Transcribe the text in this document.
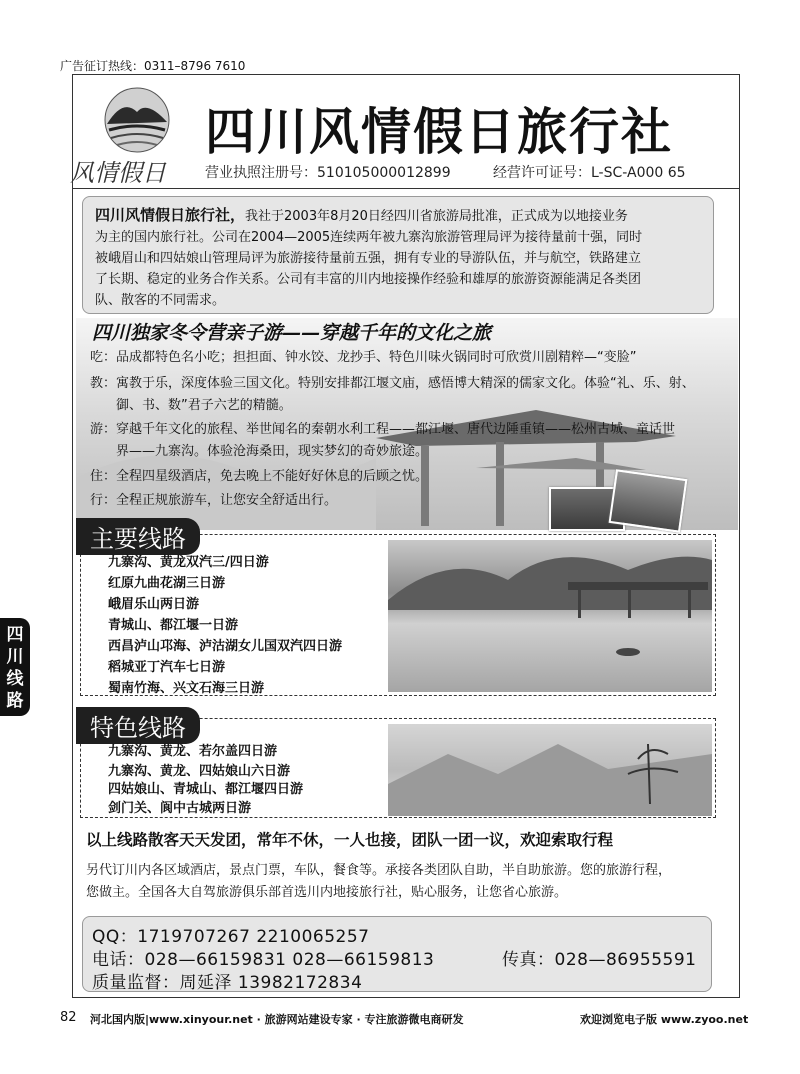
广告征订热线：0311–8796 7610
风情假日
四川风情假日旅行社
营业执照注册号：510105000012899	经营许可证号：L-SC-A000 65
四川风情假日旅行社，我社于2003年8月20日经四川省旅游局批准，正式成为以地接业务
为主的国内旅行社。公司在2004—2005连续两年被九寨沟旅游管理局评为接待量前十强，同时
被峨眉山和四姑娘山管理局评为旅游接待量前五强，拥有专业的导游队伍，并与航空，铁路建立
了长期、稳定的业务合作关系。公司有丰富的川内地接操作经验和雄厚的旅游资源能满足各类团
队、散客的不同需求。
四川独家冬令营亲子游——穿越千年的文化之旅
吃：品成都特色名小吃；担担面、钟水饺、龙抄手、特色川味火锅同时可欣赏川剧精粹—“变脸”
教：寓教于乐，深度体验三国文化。特别安排都江堰文庙，感悟博大精深的儒家文化。体验“礼、乐、射、
御、书、数”君子六艺的精髓。
游：穿越千年文化的旅程、举世闻名的秦朝水利工程——都江堰、唐代边陲重镇——松州古城、童话世
界——九寨沟。体验沧海桑田，现实梦幻的奇妙旅途。
住：全程四星级酒店，免去晚上不能好好休息的后顾之忧。
行：全程正规旅游车，让您安全舒适出行。
主要线路
九寨沟、黄龙双汽三/四日游
红原九曲花湖三日游
峨眉乐山两日游
青城山、都江堰一日游
西昌泸山邛海、泸沽湖女儿国双汽四日游
稻城亚丁汽车七日游
蜀南竹海、兴文石海三日游
特色线路
九寨沟、黄龙、若尔盖四日游
九寨沟、黄龙、四姑娘山六日游
四姑娘山、青城山、都江堰四日游
剑门关、阆中古城两日游
四川
线路
以上线路散客天天发团，常年不休，一人也接，团队一团一议，欢迎索取行程
另代订川内各区域酒店，景点门票，车队，餐食等。承接各类团队自助，半自助旅游。您的旅游行程，
您做主。全国各大自驾旅游俱乐部首选川内地接旅行社，贴心服务，让您省心旅游。
QQ：1719707267 2210065257
电话：028—66159831 028—66159813	传真：028—86955591
质量监督：周延泽 13982172834
82 河北国内版|www.xinyour.net · 旅游网站建设专家 · 专注旅游微电商研发	欢迎浏览电子版 www.zyoo.net
